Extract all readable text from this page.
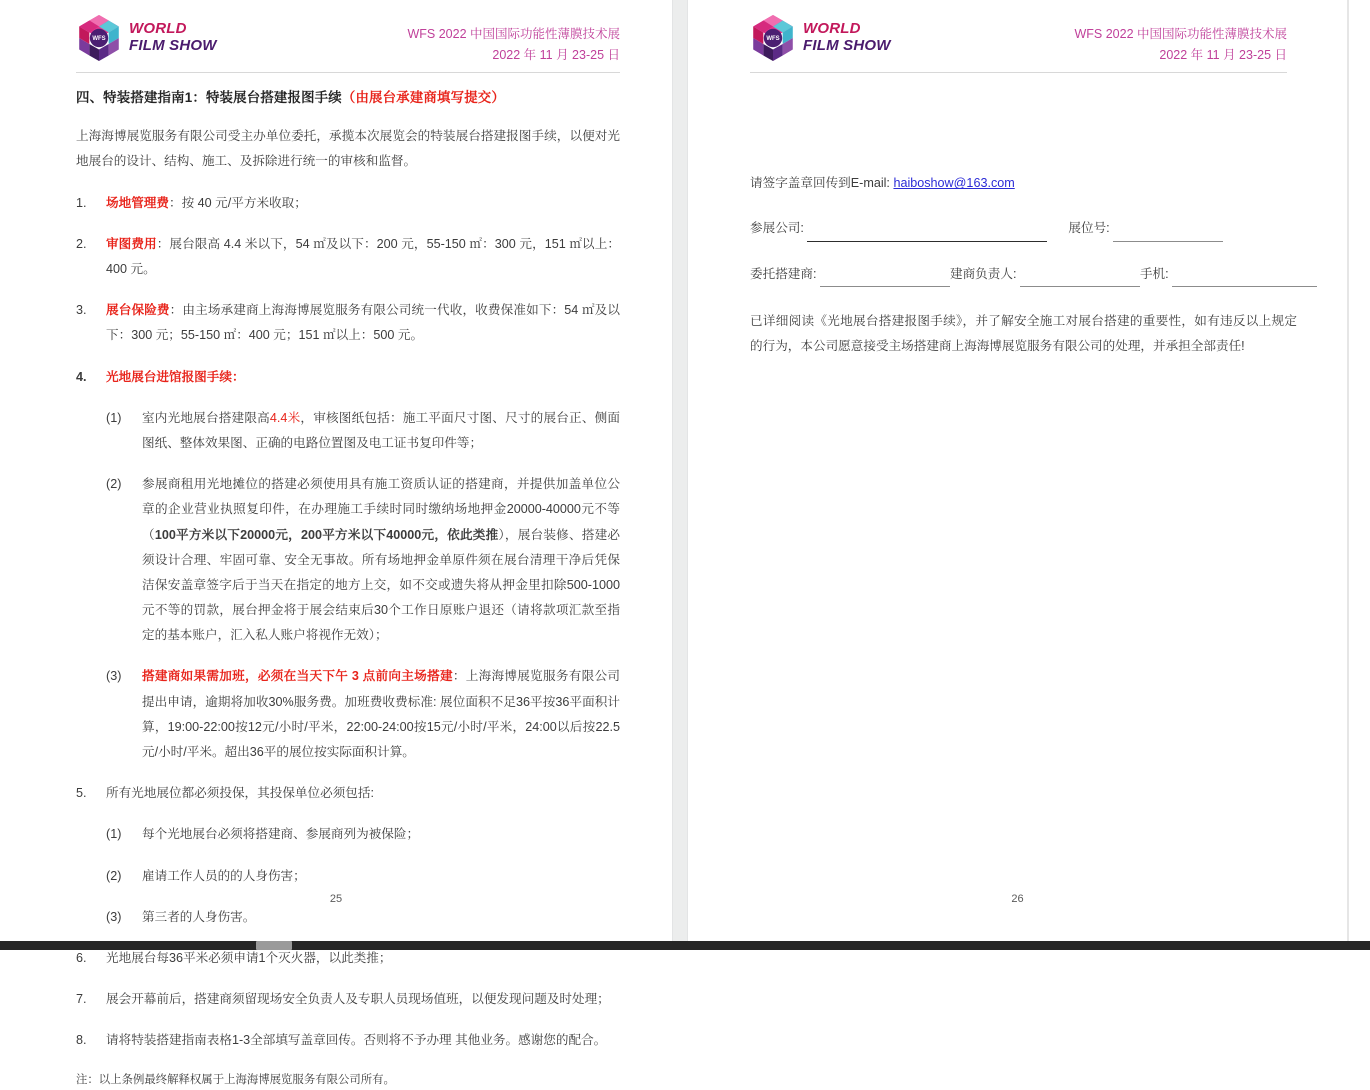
WFS
WORLD
FILM SHOW
WFS 2022 中国国际功能性薄膜技术展
2022 年 11 月 23-25 日
四、特装搭建指南1：特装展台搭建报图手续（由展台承建商填写提交）

上海海博展览服务有限公司受主办单位委托，承揽本次展览会的特装展台搭建报图手续，以便对光地展台的设计、结构、施工、及拆除进行统一的审核和监督。

1.	场地管理费：按 40 元/平方米收取；
2.	审图费用：展台限高 4.4 米以下，54 ㎡及以下：200 元，55-150 ㎡：300 元，151 ㎡以上：400 元。
3.	展台保险费：由主场承建商上海海博展览服务有限公司统一代收，收费保准如下：54 ㎡及以下：300 元；55-150 ㎡：400 元；151 ㎡以上：500 元。
4.	光地展台进馆报图手续：
(1)	室内光地展台搭建限高4.4米，审核图纸包括：施工平面尺寸图、尺寸的展台正、侧面图纸、整体效果图、正确的电路位置图及电工证书复印件等；
(2)	参展商租用光地摊位的搭建必须使用具有施工资质认证的搭建商，并提供加盖单位公章的企业营业执照复印件，在办理施工手续时同时缴纳场地押金20000-40000元不等（100平方米以下20000元，200平方米以下40000元，依此类推），展台装修、搭建必须设计合理、牢固可靠、安全无事故。所有场地押金单原件须在展台清理干净后凭保洁保安盖章签字后于当天在指定的地方上交，如不交或遗失将从押金里扣除500-1000元不等的罚款，展台押金将于展会结束后30个工作日原账户退还（请将款项汇款至指定的基本账户，汇入私人账户将视作无效）；
(3)	搭建商如果需加班，必须在当天下午 3 点前向主场搭建：上海海博展览服务有限公司提出申请，逾期将加收30%服务费。加班费收费标准: 展位面积不足36平按36平面积计算，19:00-22:00按12元/小时/平米，22:00-24:00按15元/小时/平米，24:00以后按22.5元/小时/平米。超出36平的展位按实际面积计算。
5.	所有光地展位都必须投保，其投保单位必须包括:
(1)	每个光地展台必须将搭建商、参展商列为被保险；
(2)	雇请工作人员的的人身伤害；
(3)	第三者的人身伤害。
6.	光地展台每36平米必须申请1个灭火器，以此类推；
7.	展会开幕前后，搭建商须留现场安全负责人及专职人员现场值班，以便发现问题及时处理；
8.	请将特装搭建指南表格1-3全部填写盖章回传。否则将不予办理 其他业务。感谢您的配合。

注：以上条例最终解释权属于上海海博展览服务有限公司所有。

25
WFS
WORLD
FILM SHOW
WFS 2022 中国国际功能性薄膜技术展
2022 年 11 月 23-25 日

请签字盖章回传到E-mail: haiboshow@163.com

参展公司:	展位号:

委托搭建商:	建商负责人:	手机:

已详细阅读《光地展台搭建报图手续》，并了解安全施工对展台搭建的重要性，如有违反以上规定的行为，本公司愿意接受主场搭建商上海海博展览服务有限公司的处理，并承担全部责任!

26
